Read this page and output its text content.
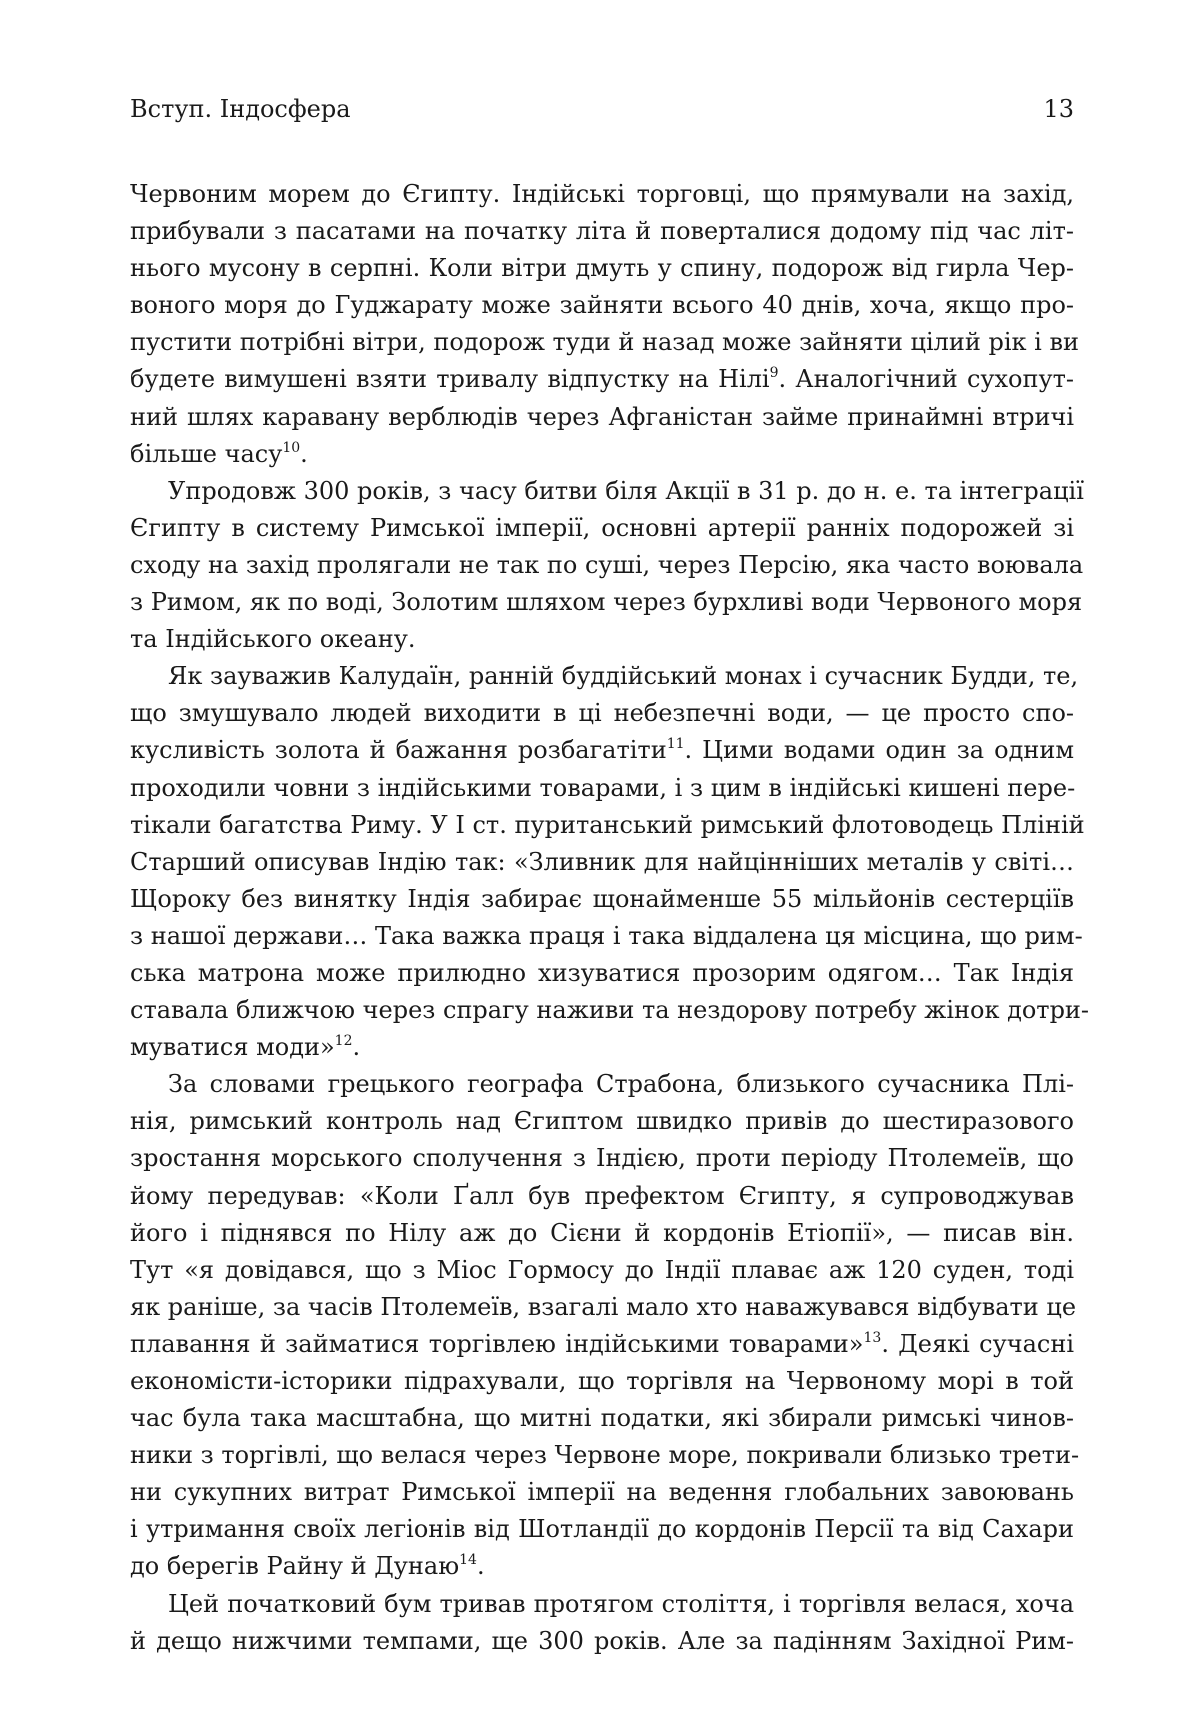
Вступ. Індосфера	13
Червоним морем до Єгипту. Індійські торговці, що прямували на захід,
прибували з пасатами на початку літа й поверталися додому під час літ-
нього мусону в серпні. Коли вітри дмуть у спину, подорож від гирла Чер-
воного моря до Гуджарату може зайняти всього 40 днів, хоча, якщо про-
пустити потрібні вітри, подорож туди й назад може зайняти цілий рік і ви
будете вимушені взяти тривалу відпустку на Нілі$^9$. Аналогічний сухопут-
ний шлях каравану верблюдів через Афганістан займе принаймні втричі
більше часу$^{10}$.
Упродовж 300 років, з часу битви біля Акції в 31 р. до н. е. та інтеграції
Єгипту в систему Римської імперії, основні артерії ранніх подорожей зі
сходу на захід пролягали не так по суші, через Персію, яка часто воювала
з Римом, як по воді, Золотим шляхом через бурхливі води Червоного моря
та Індійського океану.
Як зауважив Калудаїн, ранній буддійський монах і сучасник Будди, те,
що змушувало людей виходити в ці небезпечні води, — це просто спо-
кусливість золота й бажання розбагатіти$^{11}$. Цими водами один за одним
проходили човни з індійськими товарами, і з цим в індійські кишені пере-
тікали багатства Риму. У І ст. пуританський римський флотоводець Пліній
Старший описував Індію так: «Зливник для найцінніших металів у світі…
Щороку без винятку Індія забирає щонайменше 55 мільйонів сестерціїв
з нашої держави… Така важка праця і така віддалена ця місцина, що рим-
ська матрона може прилюдно хизуватися прозорим одягом… Так Індія
ставала ближчою через спрагу наживи та нездорову потребу жінок дотри-
муватися моди»$^{12}$.
За словами грецького географа Страбона, близького сучасника Плі-
нія, римський контроль над Єгиптом швидко привів до шестиразового
зростання морського сполучення з Індією, проти періоду Птолемеїв, що
йому передував: «Коли Ґалл був префектом Єгипту, я супроводжував
його і піднявся по Нілу аж до Сієни й кордонів Етіопії», — писав він.
Тут «я довідався, що з Міос Гормосу до Індії плаває аж 120 суден, тоді
як раніше, за часів Птолемеїв, взагалі мало хто наважувався відбувати це
плавання й займатися торгівлею індійськими товарами»$^{13}$. Деякі сучасні
економісти-історики підрахували, що торгівля на Червоному морі в той
час була така масштабна, що митні податки, які збирали римські чинов-
ники з торгівлі, що велася через Червоне море, покривали близько трети-
ни сукупних витрат Римської імперії на ведення глобальних завоювань
і утримання своїх легіонів від Шотландії до кордонів Персії та від Сахари
до берегів Райну й Дунаю$^{14}$.
Цей початковий бум тривав протягом століття, і торгівля велася, хоча
й дещо нижчими темпами, ще 300 років. Але за падінням Західної Рим-
